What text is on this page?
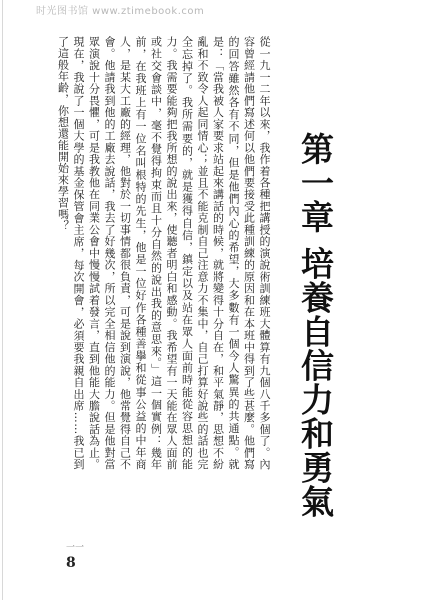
时光图书馆 www.ztimebook.com
第一章 培養自信力和勇氣
從一九一二年以來，我作着各種把講授的演說術訓練班大體算有九個八千多個了。內容曾經請他們寫述何以他們要接受此種訓練的原因和在本班中得到了些甚麼。他們寫的回答雖然各有不同，但是他們內心的希望，大多數有一個今人驚異的共通點。就是：「當我被人家要求站起來講話的時候，就將變得十分自在，和平氣靜，思想不紛亂和不致令人起同情心；並且不能克制自己注意力不集中，自己打算好說些的話也完全忘掉了。我所需要的，就是獲得自信，鎮定以及站在眾人面前時能從容思想的能力。我需要能夠把我所想的說出來，使聽者明白和感動。我希望有一天能在眾人面前或社交會談中，毫不覺得拘束而且十分自然的說出我的意思來。」這一個實例：幾年前，在我班上有一位名叫根特的先生，他是一位好作各種善擧和從事公益的中年商人，是某大工廠的經理，他對於一切事情都很負責，可是說到演說，他常覺得自己不會。他請我到他的工廠去說話，我去了好幾次，所以完全相信他的能力。但是他對當眾演說十分畏懼，可是我教他在同業公會中慢慢試着發言，直到他能大膽說話為止。現在，我說了一個大學的基金保管會主席，每次開會，必須要我親自出席……我已到了這般年齡，你想還能開始來學習嗎？
一一
8
